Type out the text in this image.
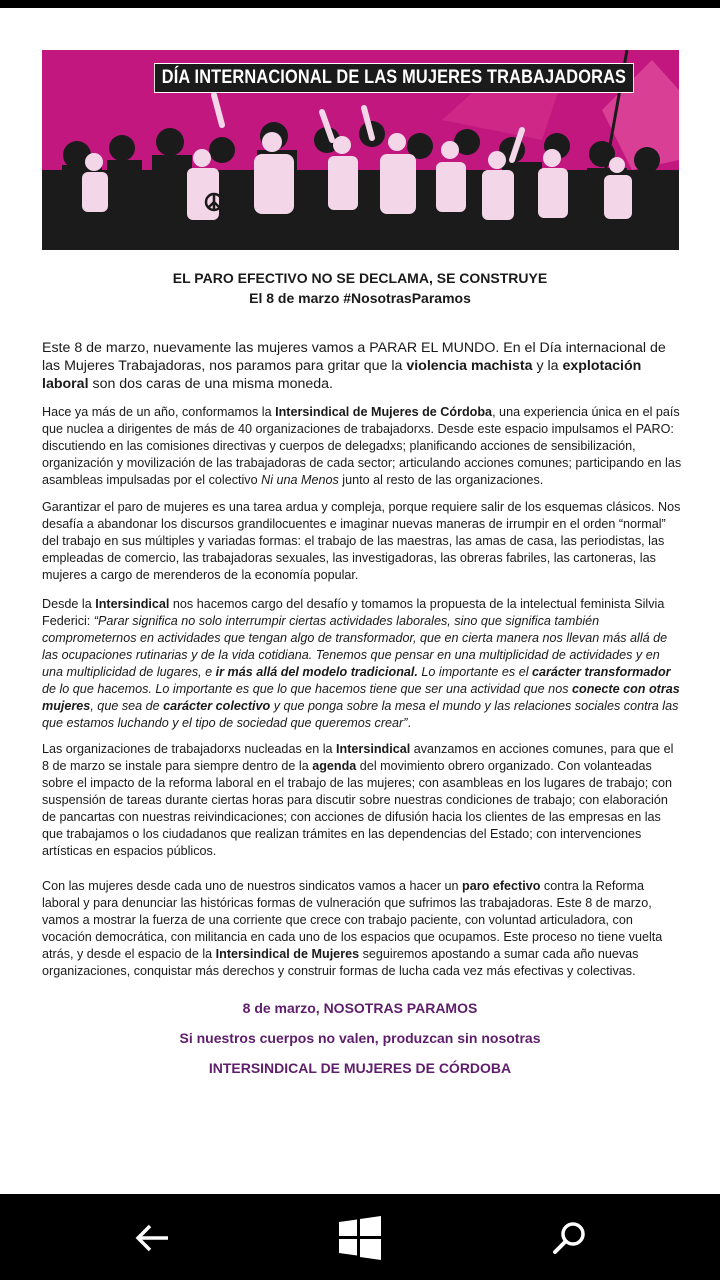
DÍA INTERNACIONAL DE LAS MUJERES TRABAJADORAS
EL PARO EFECTIVO NO SE DECLAMA, SE CONSTRUYE
El 8 de marzo #NosotrasParamos

Este 8 de marzo, nuevamente las mujeres vamos a PARAR EL MUNDO. En el Día internacional de las Mujeres Trabajadoras, nos paramos para gritar que la violencia machista y la explotación laboral son dos caras de una misma moneda.

Hace ya más de un año, conformamos la Intersindical de Mujeres de Córdoba, una experiencia única en el país que nuclea a dirigentes de más de 40 organizaciones de trabajadorxs. Desde este espacio impulsamos el PARO: discutiendo en las comisiones directivas y cuerpos de delegadxs; planificando acciones de sensibilización, organización y movilización de las trabajadoras de cada sector; articulando acciones comunes; participando en las asambleas impulsadas por el colectivo Ni una Menos junto al resto de las organizaciones.

Garantizar el paro de mujeres es una tarea ardua y compleja, porque requiere salir de los esquemas clásicos. Nos desafía a abandonar los discursos grandilocuentes e imaginar nuevas maneras de irrumpir en el orden “normal” del trabajo en sus múltiples y variadas formas: el trabajo de las maestras, las amas de casa, las periodistas, las empleadas de comercio, las trabajadoras sexuales, las investigadoras, las obreras fabriles, las cartoneras, las mujeres a cargo de merenderos de la economía popular.

Desde la Intersindical nos hacemos cargo del desafío y tomamos la propuesta de la intelectual feminista Silvia Federici: “Parar significa no solo interrumpir ciertas actividades laborales, sino que significa también comprometernos en actividades que tengan algo de transformador, que en cierta manera nos llevan más allá de las ocupaciones rutinarias y de la vida cotidiana. Tenemos que pensar en una multiplicidad de actividades y en una multiplicidad de lugares, e ir más allá del modelo tradicional. Lo importante es el carácter transformador de lo que hacemos. Lo importante es que lo que hacemos tiene que ser una actividad que nos conecte con otras mujeres, que sea de carácter colectivo y que ponga sobre la mesa el mundo y las relaciones sociales contra las que estamos luchando y el tipo de sociedad que queremos crear”.

Las organizaciones de trabajadorxs nucleadas en la Intersindical avanzamos en acciones comunes, para que el 8 de marzo se instale para siempre dentro de la agenda del movimiento obrero organizado. Con volanteadas sobre el impacto de la reforma laboral en el trabajo de las mujeres; con asambleas en los lugares de trabajo; con suspensión de tareas durante ciertas horas para discutir sobre nuestras condiciones de trabajo; con elaboración de pancartas con nuestras reivindicaciones; con acciones de difusión hacia los clientes de las empresas en las que trabajamos o los ciudadanos que realizan trámites en las dependencias del Estado; con intervenciones artísticas en espacios públicos.

Con las mujeres desde cada uno de nuestros sindicatos vamos a hacer un paro efectivo contra la Reforma laboral y para denunciar las históricas formas de vulneración que sufrimos las trabajadoras. Este 8 de marzo, vamos a mostrar la fuerza de una corriente que crece con trabajo paciente, con voluntad articuladora, con vocación democrática, con militancia en cada uno de los espacios que ocupamos. Este proceso no tiene vuelta atrás, y desde el espacio de la Intersindical de Mujeres seguiremos apostando a sumar cada año nuevas organizaciones, conquistar más derechos y construir formas de lucha cada vez más efectivas y colectivas.

8 de marzo, NOSOTRAS PARAMOS
Si nuestros cuerpos no valen, produzcan sin nosotras
INTERSINDICAL DE MUJERES DE CÓRDOBA
